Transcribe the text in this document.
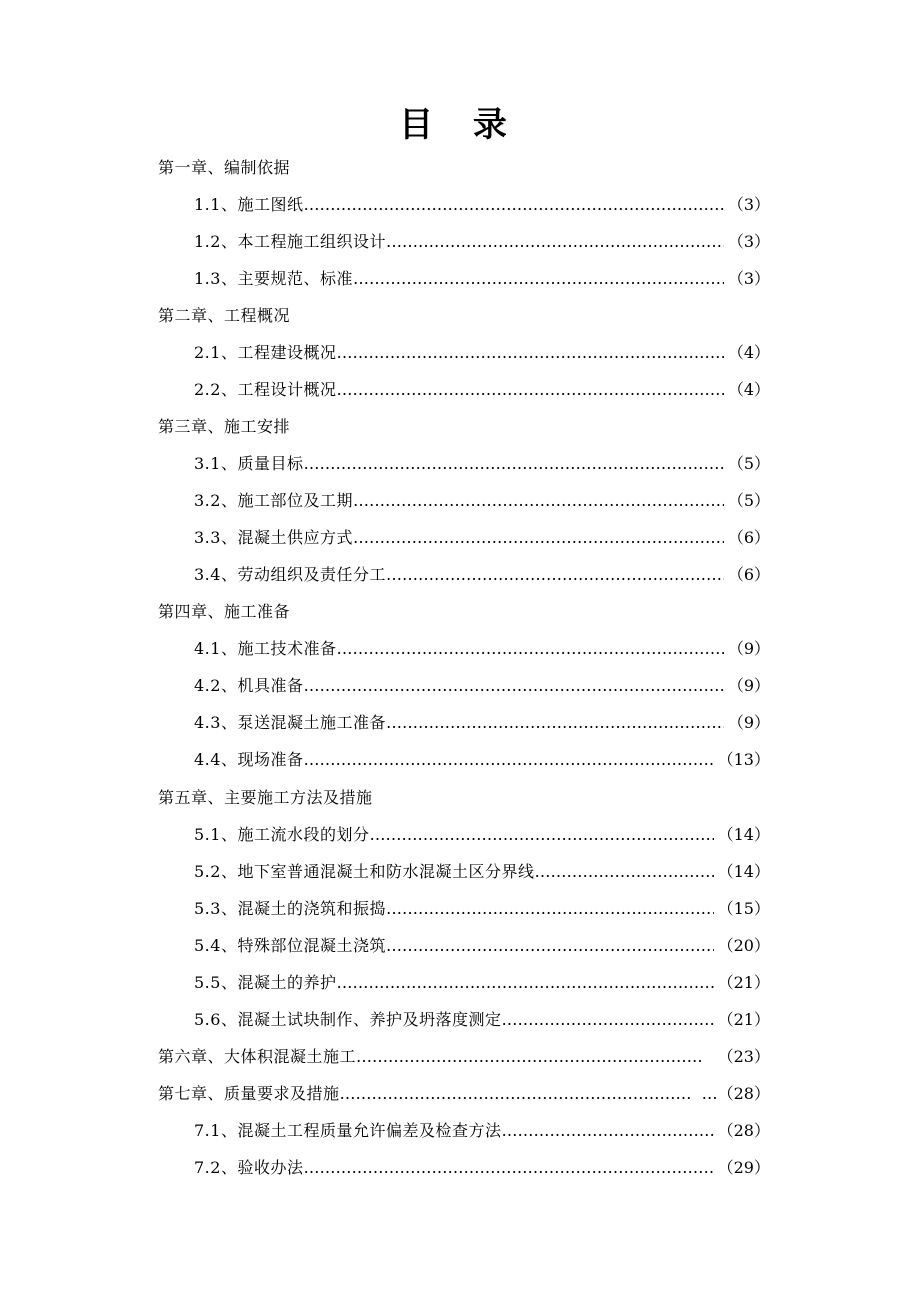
目 录
第一章、编制依据
1.1、施工图纸 …………………………………………………………………………………………………………………………………………………………………………………………………………	（3）
1.2、本工程施工组织设计 …………………………………………………………………………………………………………………………………………………………………………………………………………	（3）
1.3、主要规范、标准 …………………………………………………………………………………………………………………………………………………………………………………………………………	（3）
第二章、工程概况
2.1、工程建设概况 …………………………………………………………………………………………………………………………………………………………………………………………………………	（4）
2.2、工程设计概况 …………………………………………………………………………………………………………………………………………………………………………………………………………	（4）
第三章、施工安排
3.1、质量目标 …………………………………………………………………………………………………………………………………………………………………………………………………………	（5）
3.2、施工部位及工期 …………………………………………………………………………………………………………………………………………………………………………………………………………	（5）
3.3、混凝土供应方式 …………………………………………………………………………………………………………………………………………………………………………………………………………	（6）
3.4、劳动组织及责任分工 …………………………………………………………………………………………………………………………………………………………………………………………………………	（6）
第四章、施工准备
4.1、施工技术准备 …………………………………………………………………………………………………………………………………………………………………………………………………………	（9）
4.2、机具准备 …………………………………………………………………………………………………………………………………………………………………………………………………………	（9）
4.3、泵送混凝土施工准备 …………………………………………………………………………………………………………………………………………………………………………………………………………	（9）
4.4、现场准备 …………………………………………………………………………………………………………………………………………………………………………………………………………	（13）
第五章、主要施工方法及措施
5.1、施工流水段的划分 …………………………………………………………………………………………………………………………………………………………………………………………………………	（14）
5.2、地下室普通混凝土和防水混凝土区分界线 …………………………………………………………………………………………………………………………………………………………………………………………………………	（14）
5.3、混凝土的浇筑和振捣 …………………………………………………………………………………………………………………………………………………………………………………………………………	（15）
5.4、特殊部位混凝土浇筑 …………………………………………………………………………………………………………………………………………………………………………………………………………	（20）
5.5、混凝土的养护 …………………………………………………………………………………………………………………………………………………………………………………………………………	（21）
5.6、混凝土试块制作、养护及坍落度测定 …………………………………………………………………………………………………………………………………………………………………………………………………………	（21）
第六章、大体积混凝土施工 …………………………………………………………………………………………………………………………………………………………………………………………………………	（23）
第七章、质量要求及措施 …………………………………………………………………………………………………………………………………………………………………………………………………………	…（28）
7.1、混凝土工程质量允许偏差及检查方法 …………………………………………………………………………………………………………………………………………………………………………………………………………	（28）
7.2、验收办法 …………………………………………………………………………………………………………………………………………………………………………………………………………	（29）
